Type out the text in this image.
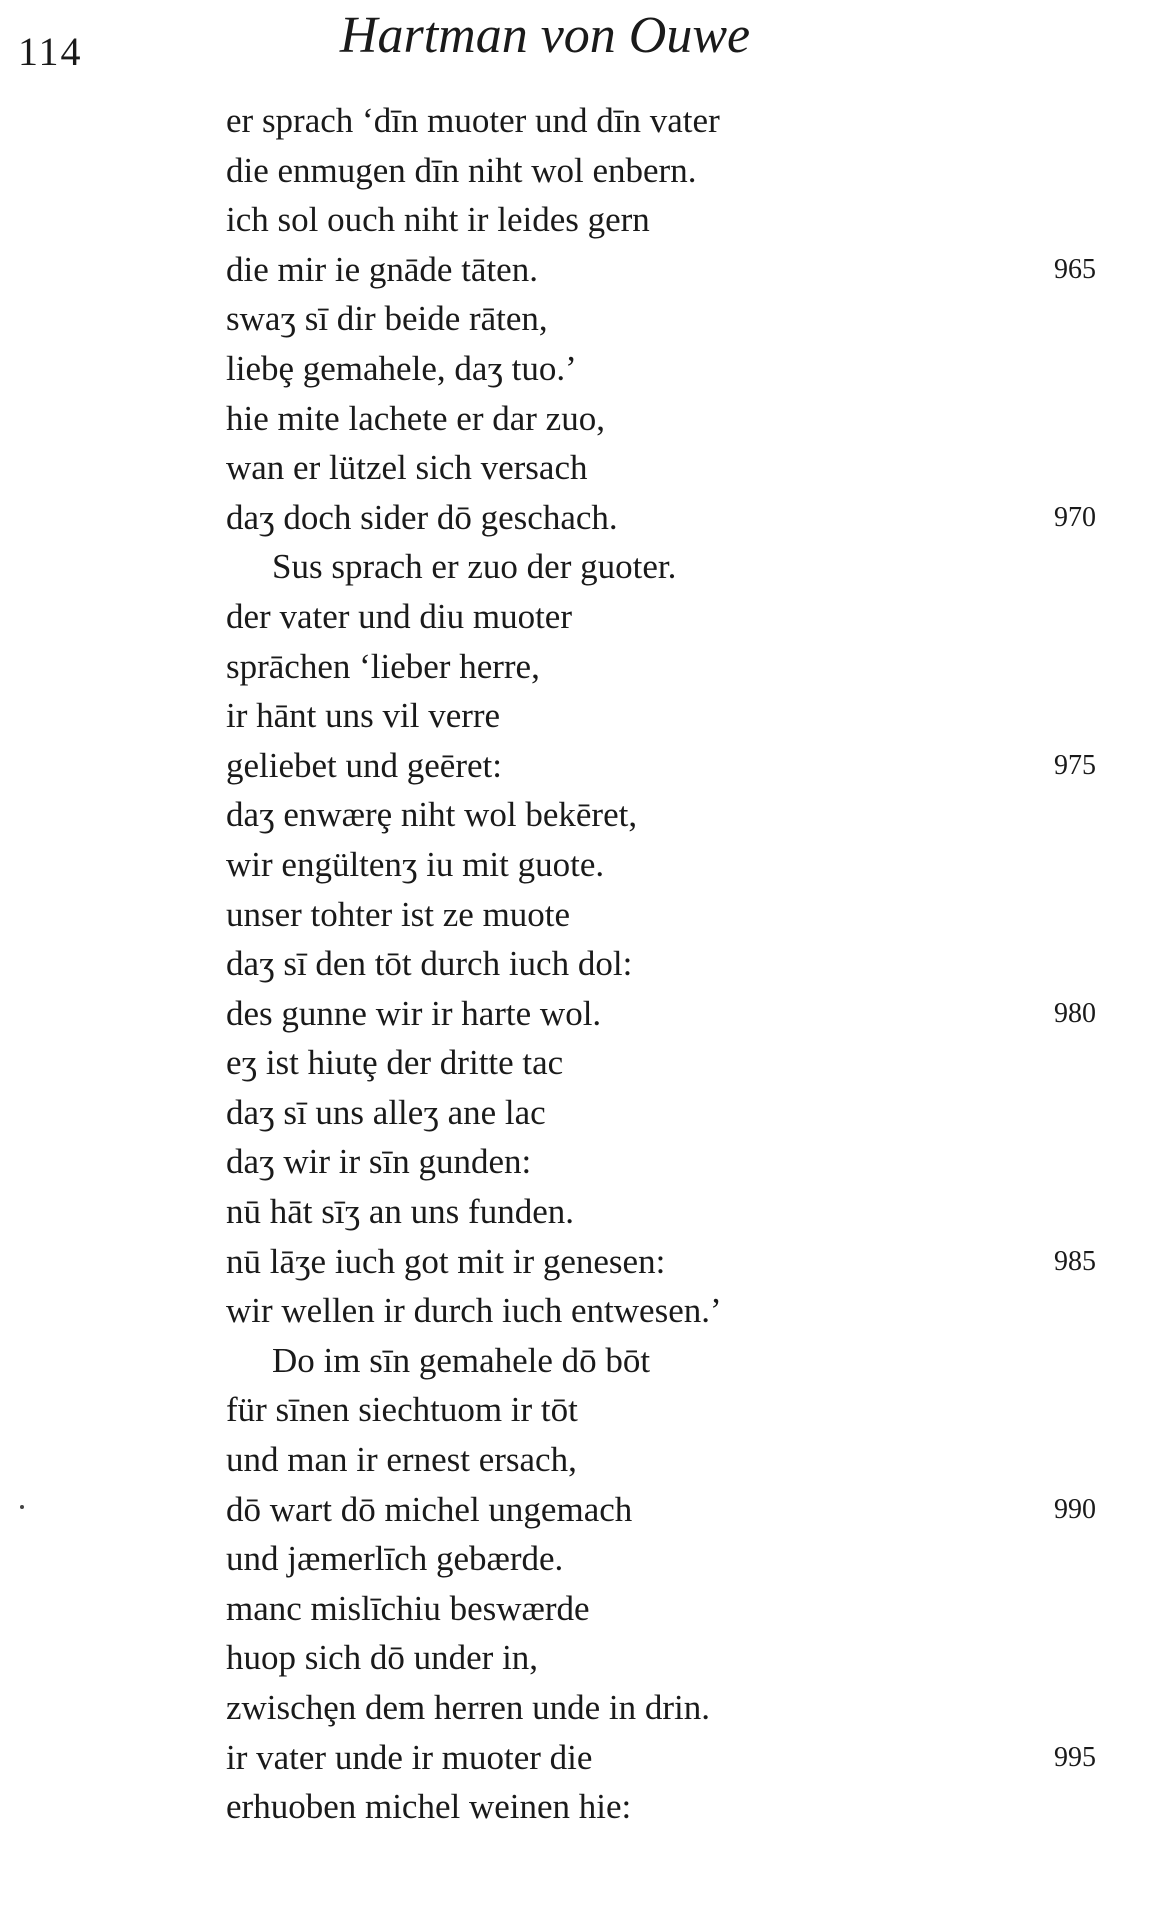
114	Hartman von Ouwe
er sprach ‘dīn muoter und dīn vater
die enmugen dīn niht wol enbern.
ich sol ouch niht ir leides gern
die mir ie gnāde tāten.	965
swaʒ sī dir beide rāten,
liebȩ gemahele, daʒ tuo.’
hie mite lachete er dar zuo,
wan er lützel sich versach
daʒ doch sider dō geschach.	970
Sus sprach er zuo der guoter.
der vater und diu muoter
sprāchen ‘lieber herre,
ir hānt uns vil verre
geliebet und geēret:	975
daʒ enwærȩ niht wol bekēret,
wir engültenʒ iu mit guote.
unser tohter ist ze muote
daʒ sī den tōt durch iuch dol:
des gunne wir ir harte wol.	980
eʒ ist hiutȩ der dritte tac
daʒ sī uns alleʒ ane lac
daʒ wir ir sīn gunden:
nū hāt sīʒ an uns funden.
nū lāʒe iuch got mit ir genesen:	985
wir wellen ir durch iuch entwesen.’
Do im sīn gemahele dō bōt
für sīnen siechtuom ir tōt
und man ir ernest ersach,
dō wart dō michel ungemach	990
und jæmerlīch gebærde.
manc mislīchiu beswærde
huop sich dō under in,
zwischȩn dem herren unde in drin.
ir vater unde ir muoter die	995
erhuoben michel weinen hie:
